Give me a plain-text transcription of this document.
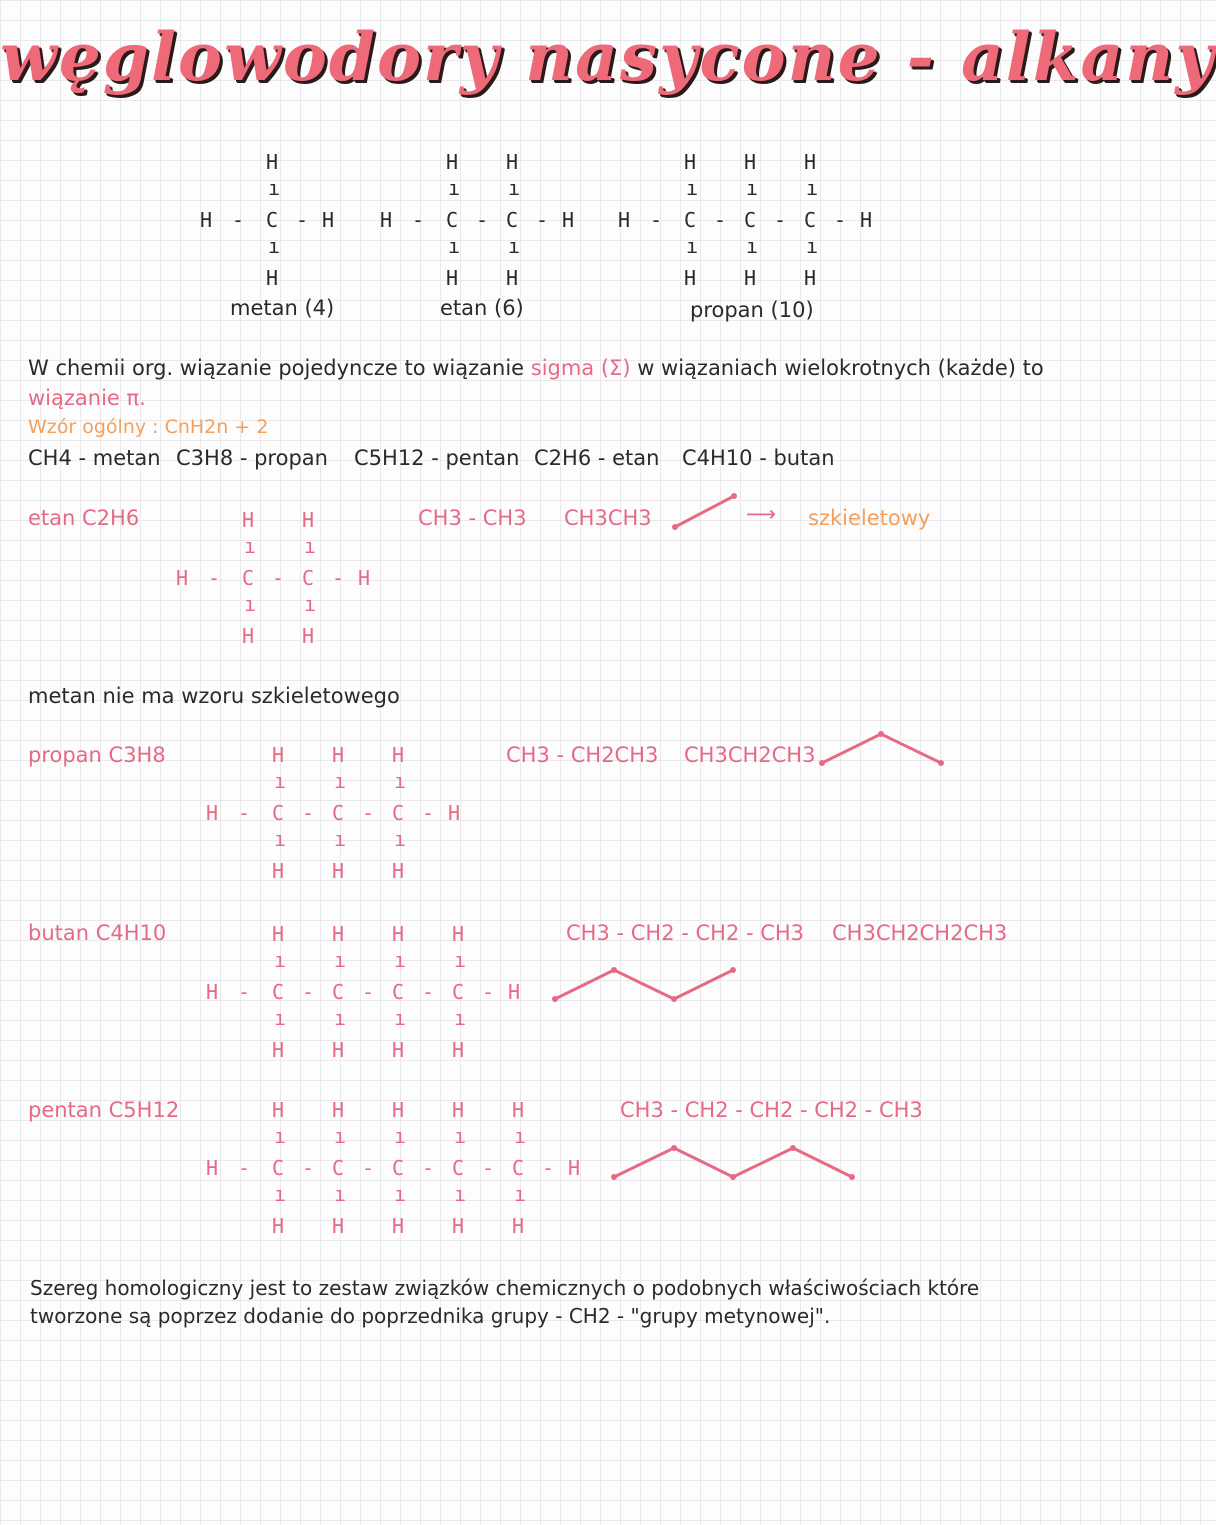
węglowodory nasycone - alkany
metan (4)	etan (6)	propan (10)
W chemii org. wiązanie pojedyncze to wiązanie sigma (Σ) w wiązaniach wielokrotnych (każde) to
wiązanie π.
Wzór ogólny : CnH2n + 2
CH4 - metan C3H8 - propan C5H12 - pentan C2H6 - etan C4H10 - butan
etan C2H6	CH3 - CH3 CH3CH3	⟶ szkieletowy
metan nie ma wzoru szkieletowego
propan C3H8	CH3 - CH2CH3 CH3CH2CH3
butan C4H10	CH3 - CH2 - CH2 - CH3 CH3CH2CH2CH3
pentan C5H12	CH3 - CH2 - CH2 - CH2 - CH3
Szereg homologiczny jest to zestaw związków chemicznych o podobnych właściwościach które
tworzone są poprzez dodanie do poprzednika grupy - CH2 - "grupy metynowej".
H -
H
ı
C
ı
H
- H H -
H
ı
C
ı
H
-
H
ı
C
ı
H
- H H -
H
ı
C
ı
H
-
H
ı
C
ı
H
-
H
ı
C
ı
H
- H
H -
H
ı
C
ı
H
-
H
ı
C
ı
H
- H
H -
H
ı
C
ı
H
-
H
ı
C
ı
H
-
H
ı
C
ı
H
- H
H -
H
ı
C
ı
H
-
H
ı
C
ı
H
-
H
ı
C
ı
H
-
H
ı
C
ı
H
- H
H -
H
ı
C
ı
H
-
H
ı
C
ı
H
-
H
ı
C
ı
H
-
H
ı
C
ı
H
-
H
ı
C
ı
H
- H
